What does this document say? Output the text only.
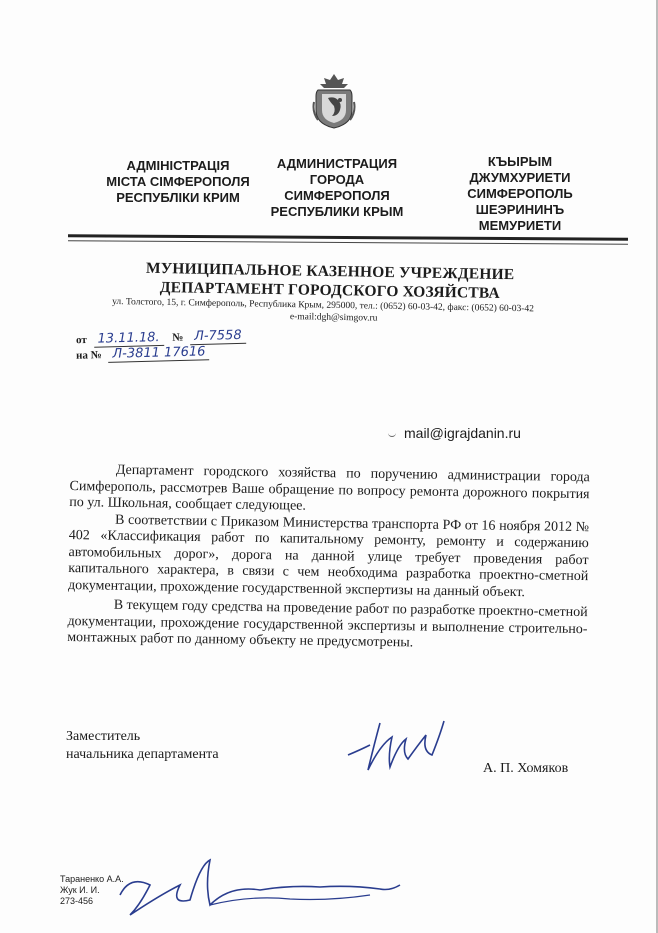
АДМІНІСТРАЦІЯ
МІСТА СІМФЕРОПОЛЯ
РЕСПУБЛІКИ КРИМ
АДМИНИСТРАЦИЯ
ГОРОДА
СИМФЕРОПОЛЯ
РЕСПУБЛИКИ КРЫМ
КЪЫРЫМ
ДЖУМХУРИЕТИ
СИМФЕРОПОЛЬ
ШЕЭРИНИНЪ
МЕМУРИЕТИ
МУНИЦИПАЛЬНОЕ КАЗЕННОЕ УЧРЕЖДЕНИЕ
ДЕПАРТАМЕНТ ГОРОДСКОГО ХОЗЯЙСТВА
ул. Толстого, 15, г. Симферополь, Республика Крым, 295000, тел.: (0652) 60-03-42, факс: (0652) 60-03-42
e-mail:dgh@simgov.ru
от 13.11.18. № Л-7558
на № Л-3811 17616
mail@igrajdanin.ru

Департамент городского хозяйства по поручению администрации города Симферополь, рассмотрев Ваше обращение по вопросу ремонта дорожного покрытия по ул. Школьная, сообщает следующее.

В соответствии с Приказом Министерства транспорта РФ от 16 ноября 2012 № 402 «Классификация работ по капитальному ремонту, ремонту и содержанию автомобильных дорог», дорога на данной улице требует проведения работ капитального характера, в связи с чем необходима разработка проектно-сметной документации, прохождение государственной экспертизы на данный объект.

В текущем году средства на проведение работ по разработке проектно-сметной документации, прохождение государственной экспертизы и выполнение строительно-монтажных работ по данному объекту не предусмотрены.

Заместитель
начальника департамента
А. П. Хомяков
Тараненко А.А.
Жук И. И.
273-456
